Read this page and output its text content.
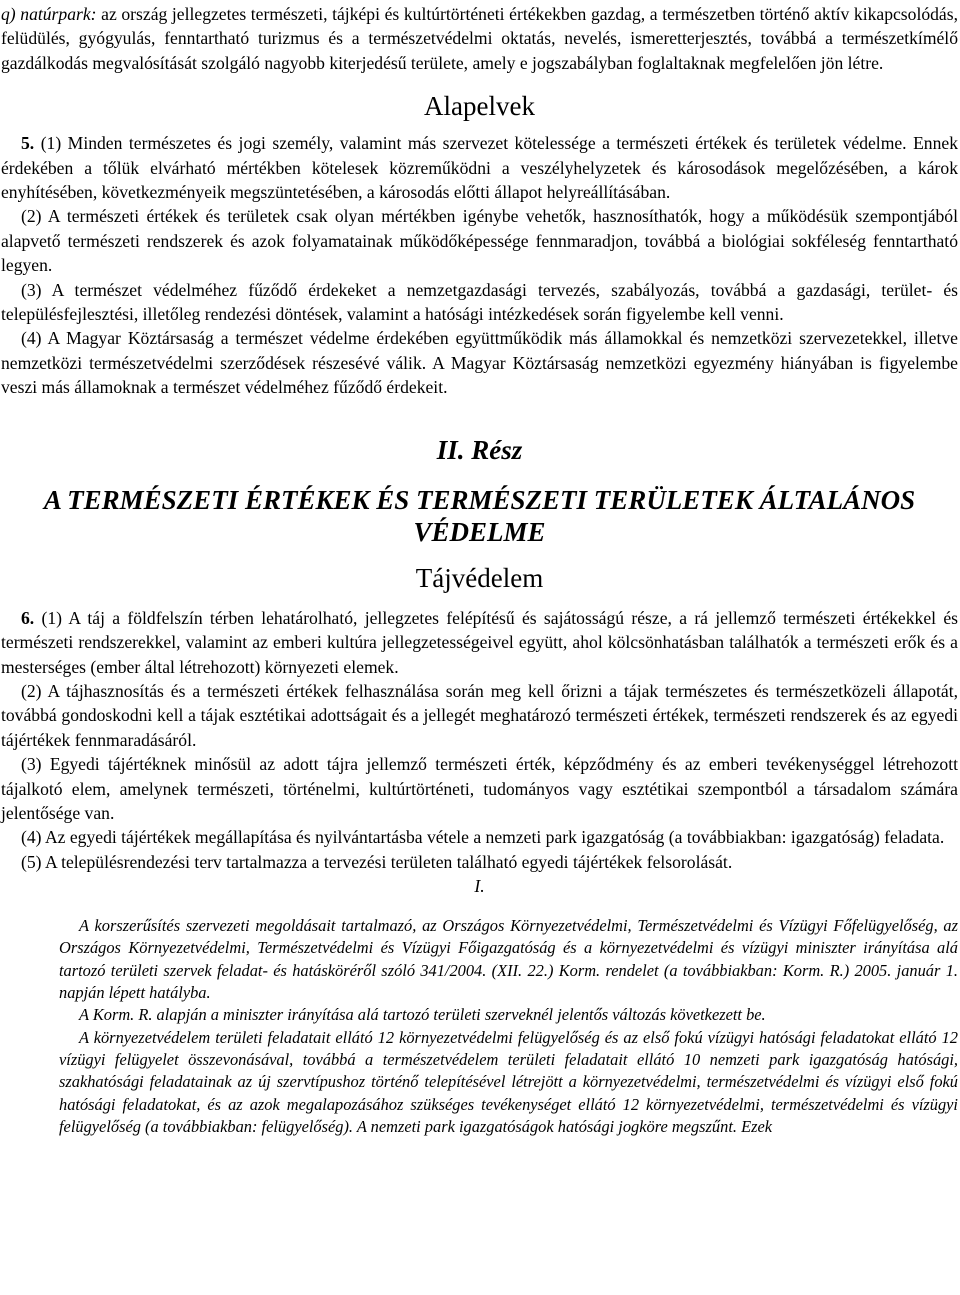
q) natúrpark: az ország jellegzetes természeti, tájképi és kultúrtörténeti értékekben gazdag, a természetben történő aktív kikapcsolódás, felüdülés, gyógyulás, fenntartható turizmus és a természetvédelmi oktatás, nevelés, ismeretterjesztés, továbbá a természetkímélő gazdálkodás megvalósítását szolgáló nagyobb kiterjedésű területe, amely e jogszabályban foglaltaknak megfelelően jön létre.

Alapelvek

5. (1) Minden természetes és jogi személy, valamint más szervezet kötelessége a természeti értékek és területek védelme. Ennek érdekében a tőlük elvárható mértékben kötelesek közreműködni a veszélyhelyzetek és károsodások megelőzésében, a károk enyhítésében, következményeik megszüntetésében, a károsodás előtti állapot helyreállításában.

(2) A természeti értékek és területek csak olyan mértékben igénybe vehetők, hasznosíthatók, hogy a működésük szempontjából alapvető természeti rendszerek és azok folyamatainak működőképessége fennmaradjon, továbbá a biológiai sokféleség fenntartható legyen.

(3) A természet védelméhez fűződő érdekeket a nemzetgazdasági tervezés, szabályozás, továbbá a gazdasági, terület- és településfejlesztési, illetőleg rendezési döntések, valamint a hatósági intézkedések során figyelembe kell venni.

(4) A Magyar Köztársaság a természet védelme érdekében együttműködik más államokkal és nemzetközi szervezetekkel, illetve nemzetközi természetvédelmi szerződések részesévé válik. A Magyar Köztársaság nemzetközi egyezmény hiányában is figyelembe veszi más államoknak a természet védelméhez fűződő érdekeit.

II. Rész
A TERMÉSZETI ÉRTÉKEK ÉS TERMÉSZETI TERÜLETEK ÁLTALÁNOS VÉDELME
Tájvédelem

6. (1) A táj a földfelszín térben lehatárolható, jellegzetes felépítésű és sajátosságú része, a rá jellemző természeti értékekkel és természeti rendszerekkel, valamint az emberi kultúra jellegzetességeivel együtt, ahol kölcsönhatásban találhatók a természeti erők és a mesterséges (ember által létrehozott) környezeti elemek.

(2) A tájhasznosítás és a természeti értékek felhasználása során meg kell őrizni a tájak természetes és természetközeli állapotát, továbbá gondoskodni kell a tájak esztétikai adottságait és a jellegét meghatározó természeti értékek, természeti rendszerek és az egyedi tájértékek fennmaradásáról.

(3) Egyedi tájértéknek minősül az adott tájra jellemző természeti érték, képződmény és az emberi tevékenységgel létrehozott tájalkotó elem, amelynek természeti, történelmi, kultúrtörténeti, tudományos vagy esztétikai szempontból a társadalom számára jelentősége van.

(4) Az egyedi tájértékek megállapítása és nyilvántartásba vétele a nemzeti park igazgatóság (a továbbiakban: igazgatóság) feladata.

(5) A településrendezési terv tartalmazza a tervezési területen található egyedi tájértékek felsorolását.

I.

A korszerűsítés szervezeti megoldásait tartalmazó, az Országos Környezetvédelmi, Természetvédelmi és Vízügyi Főfelügyelőség, az Országos Környezetvédelmi, Természetvédelmi és Vízügyi Főigazgatóság és a környezetvédelmi és vízügyi miniszter irányítása alá tartozó területi szervek feladat- és hatásköréről szóló 341/2004. (XII. 22.) Korm. rendelet (a továbbiakban: Korm. R.) 2005. január 1. napján lépett hatályba.

A Korm. R. alapján a miniszter irányítása alá tartozó területi szerveknél jelentős változás következett be.

A környezetvédelem területi feladatait ellátó 12 környezetvédelmi felügyelőség és az első fokú vízügyi hatósági feladatokat ellátó 12 vízügyi felügyelet összevonásával, továbbá a természetvédelem területi feladatait ellátó 10 nemzeti park igazgatóság hatósági, szakhatósági feladatainak az új szervtípushoz történő telepítésével létrejött a környezetvédelmi, természetvédelmi és vízügyi első fokú hatósági feladatokat, és az azok megalapozásához szükséges tevékenységet ellátó 12 környezetvédelmi, természetvédelmi és vízügyi felügyelőség (a továbbiakban: felügyelőség). A nemzeti park igazgatóságok hatósági jogköre megszűnt. Ezek
